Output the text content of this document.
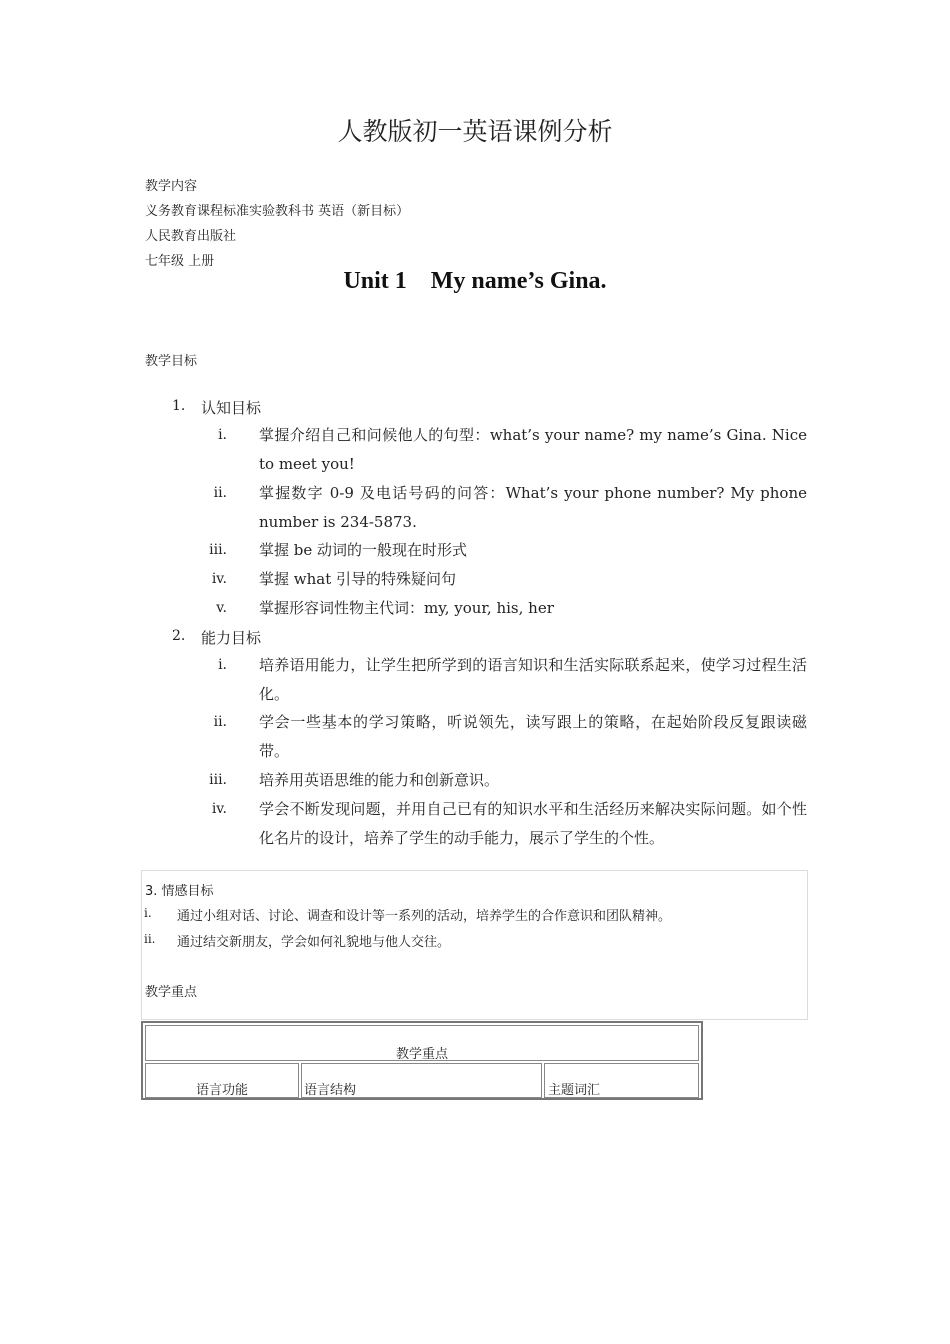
人教版初一英语课例分析
教学内容
义务教育课程标准实验教科书 英语（新目标）
人民教育出版社
七年级 上册
Unit 1 My name’s Gina.
教学目标
1. 认知目标
i. 掌握介绍自己和问候他人的句型：what’s your name? my name’s Gina. Nice to meet you!
ii. 掌握数字 0-9 及电话号码的问答：What’s your phone number? My phone number is 234-5873.
iii. 掌握 be 动词的一般现在时形式
iv. 掌握 what 引导的特殊疑问句
v. 掌握形容词性物主代词：my, your, his, her
2. 能力目标
i. 培养语用能力，让学生把所学到的语言知识和生活实际联系起来，使学习过程生活化。
ii. 学会一些基本的学习策略，听说领先，读写跟上的策略，在起始阶段反复跟读磁带。
iii. 培养用英语思维的能力和创新意识。
iv. 学会不断发现问题，并用自己已有的知识水平和生活经历来解决实际问题。如个性化名片的设计，培养了学生的动手能力，展示了学生的个性。
3. 情感目标
i. 通过小组对话、讨论、调查和设计等一系列的活动，培养学生的合作意识和团队精神。
ii. 通过结交新朋友，学会如何礼貌地与他人交往。
教学重点
教学重点
语言功能	语言结构	主题词汇
